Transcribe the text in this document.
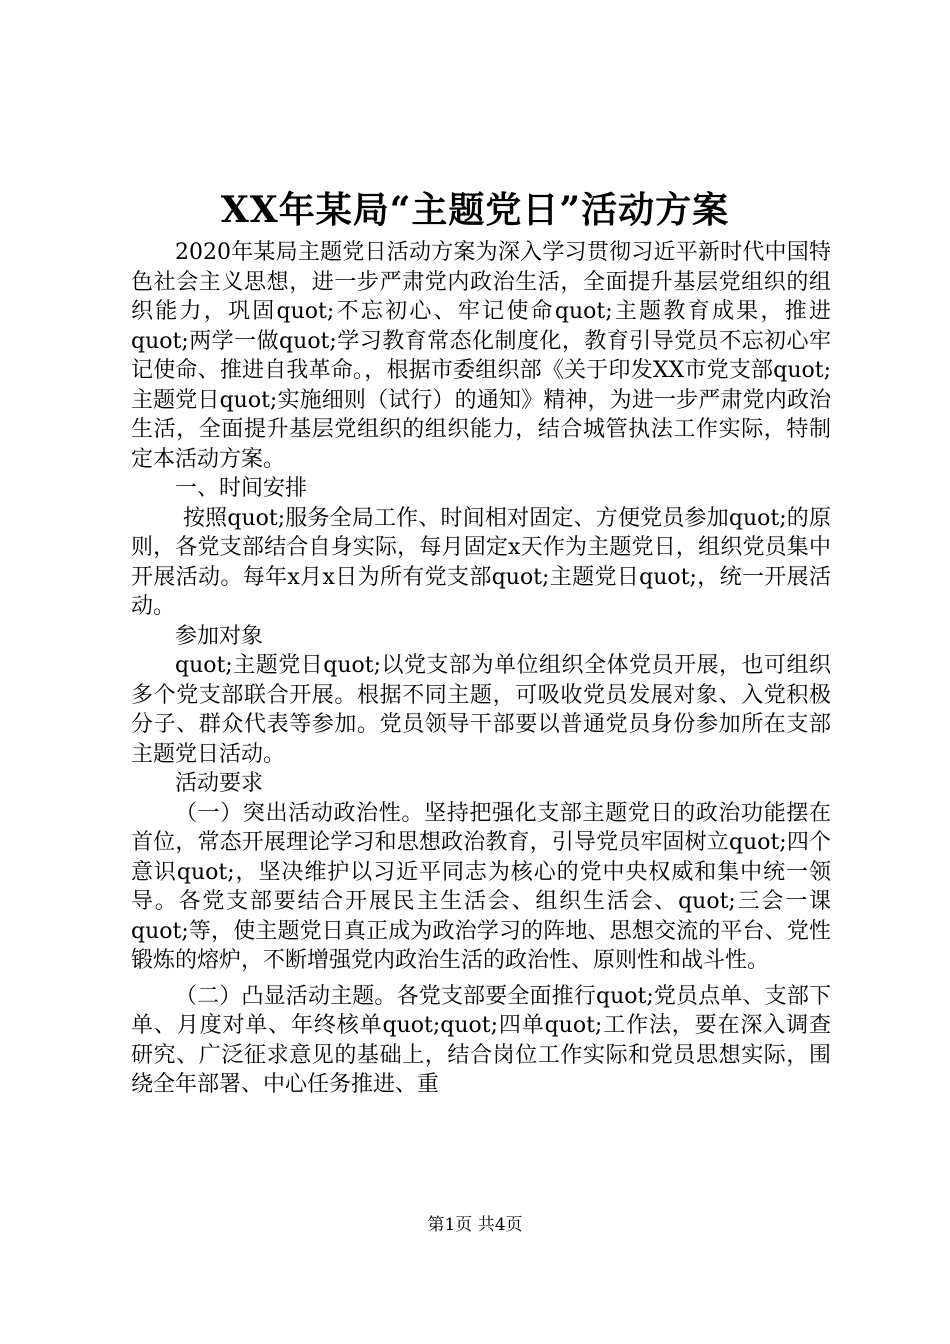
XX年某局“主题党日”活动方案

2020年某局主题党日活动方案为深入学习贯彻习近平新时代中国特色社会主义思想，进一步严肃党内政治生活，全面提升基层党组织的组织能力，巩固quot;不忘初心、牢记使命quot;主题教育成果，推进quot;两学一做quot;学习教育常态化制度化，教育引导党员不忘初心牢记使命、推进自我革命。，根据市委组织部《关于印发XX市党支部quot;主题党日quot;实施细则（试行）的通知》精神，为进一步严肃党内政治生活，全面提升基层党组织的组织能力，结合城管执法工作实际，特制定本活动方案。

一、时间安排

按照quot;服务全局工作、时间相对固定、方便党员参加quot;的原则，各党支部结合自身实际，每月固定x天作为主题党日，组织党员集中开展活动。每年x月x日为所有党支部quot;主题党日quot;，统一开展活动。

参加对象

quot;主题党日quot;以党支部为单位组织全体党员开展，也可组织多个党支部联合开展。根据不同主题，可吸收党员发展对象、入党积极分子、群众代表等参加。党员领导干部要以普通党员身份参加所在支部主题党日活动。

活动要求

（一）突出活动政治性。坚持把强化支部主题党日的政治功能摆在首位，常态开展理论学习和思想政治教育，引导党员牢固树立quot;四个意识quot;，坚决维护以习近平同志为核心的党中央权威和集中统一领导。各党支部要结合开展民主生活会、组织生活会、quot;三会一课quot;等，使主题党日真正成为政治学习的阵地、思想交流的平台、党性锻炼的熔炉，不断增强党内政治生活的政治性、原则性和战斗性。

（二）凸显活动主题。各党支部要全面推行quot;党员点单、支部下单、月度对单、年终核单quot;quot;四单quot;工作法，要在深入调查研究、广泛征求意见的基础上，结合岗位工作实际和党员思想实际，围绕全年部署、中心任务推进、重

第1页 共4页
